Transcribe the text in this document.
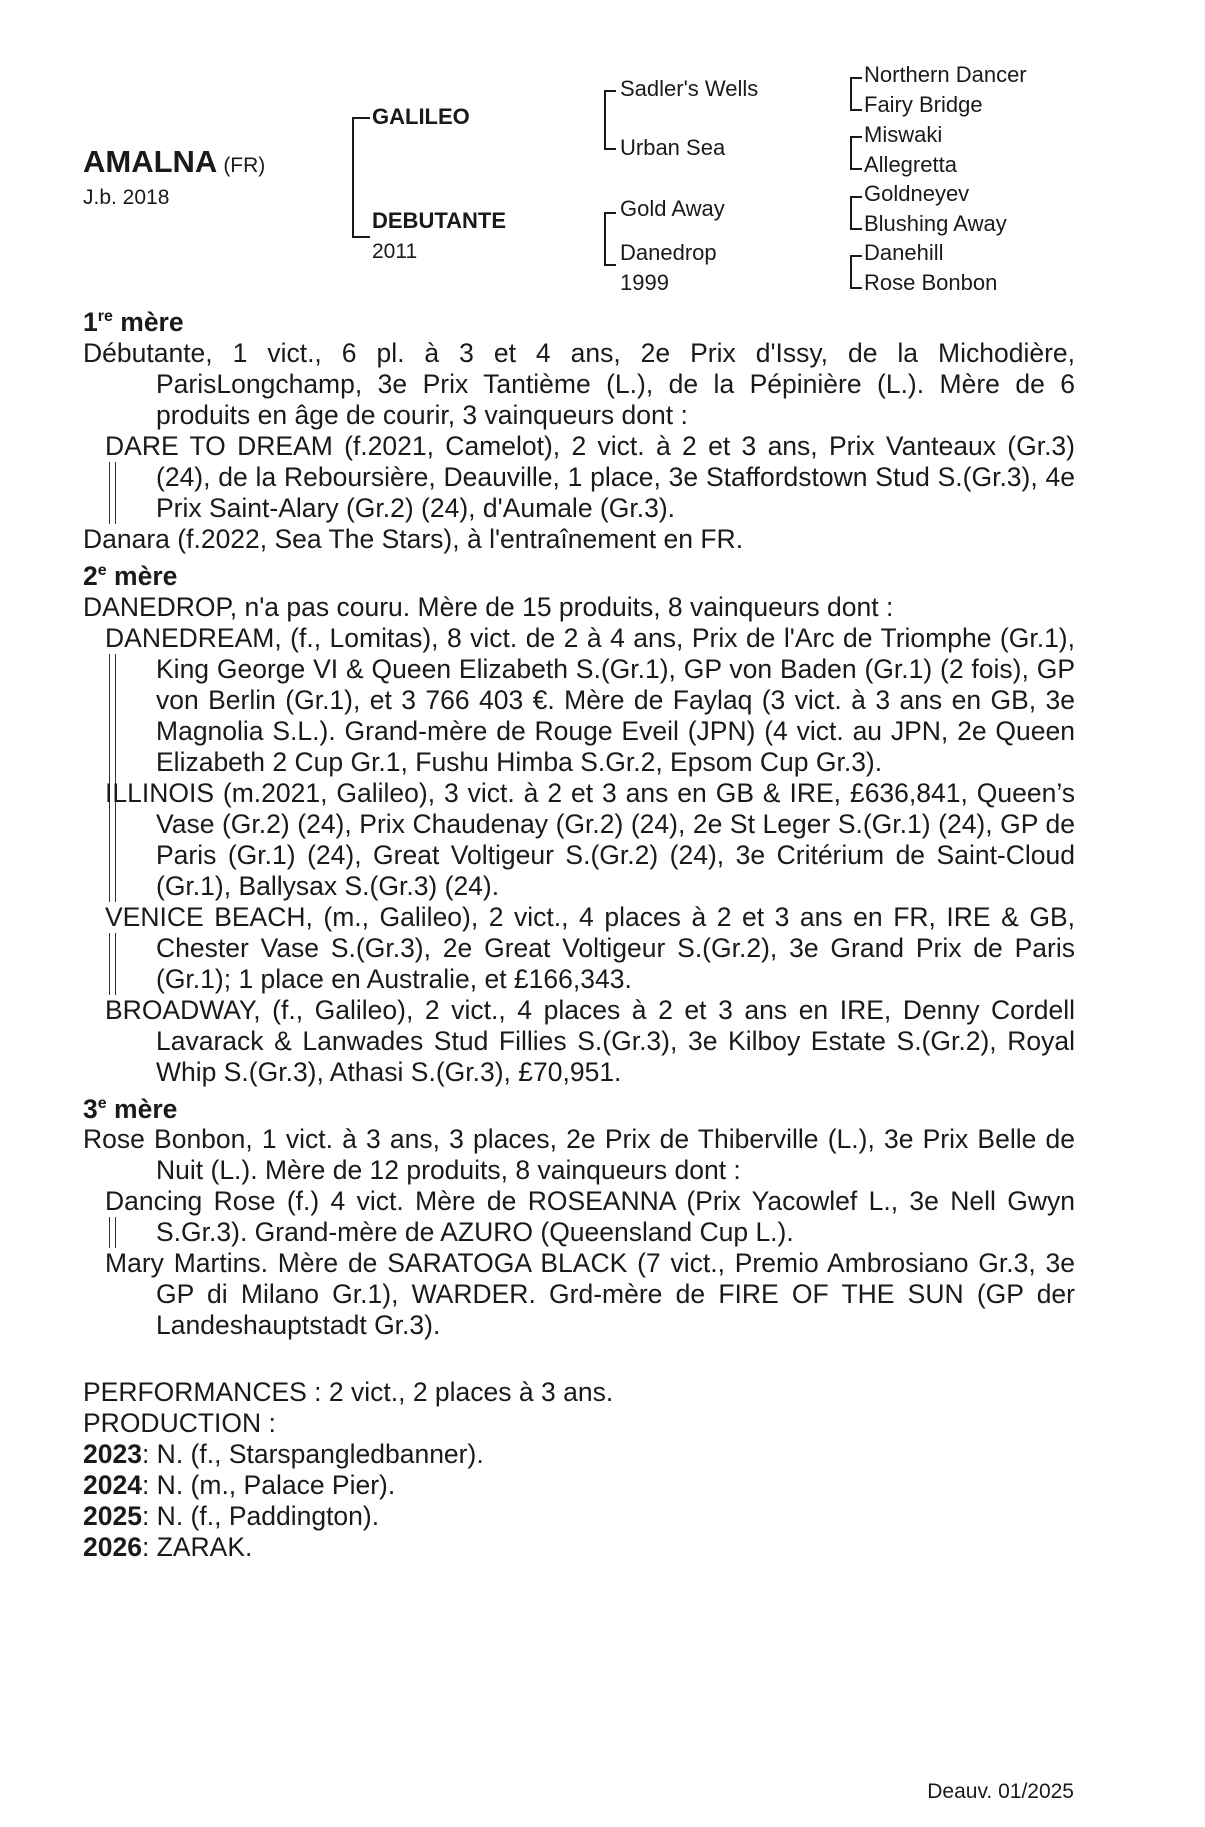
AMALNA (FR)
J.b. 2018
GALILEO
DEBUTANTE
2011
Sadler's Wells
Urban Sea
Gold Away
Danedrop
1999
Northern Dancer
Fairy Bridge
Miswaki
Allegretta
Goldneyev
Blushing Away
Danehill
Rose Bonbon
1re mère
Débutante, 1 vict., 6 pl. à 3 et 4 ans, 2e Prix d'Issy, de la Michodière, ParisLongchamp, 3e Prix Tantième (L.), de la Pépinière (L.). Mère de 6 produits en âge de courir, 3 vainqueurs dont :
DARE TO DREAM (f.2021, Camelot), 2 vict. à 2 et 3 ans, Prix Vanteaux (Gr.3) (24), de la Reboursière, Deauville, 1 place, 3e Staffordstown Stud S.(Gr.3), 4e Prix Saint-Alary (Gr.2) (24), d'Aumale (Gr.3).
Danara (f.2022, Sea The Stars), à l'entraînement en FR.
2e mère
DANEDROP, n'a pas couru. Mère de 15 produits, 8 vainqueurs dont :
DANEDREAM, (f., Lomitas), 8 vict. de 2 à 4 ans, Prix de l'Arc de Triomphe (Gr.1), King George VI & Queen Elizabeth S.(Gr.1), GP von Baden (Gr.1) (2 fois), GP von Berlin (Gr.1), et 3 766 403 €. Mère de Faylaq (3 vict. à 3 ans en GB, 3e Magnolia S.L.). Grand-mère de Rouge Eveil (JPN) (4 vict. au JPN, 2e Queen Elizabeth 2 Cup Gr.1, Fushu Himba S.Gr.2, Epsom Cup Gr.3).
ILLINOIS (m.2021, Galileo), 3 vict. à 2 et 3 ans en GB & IRE, £636,841, Queen’s Vase (Gr.2) (24), Prix Chaudenay (Gr.2) (24), 2e St Leger S.(Gr.1) (24), GP de Paris (Gr.1) (24), Great Voltigeur S.(Gr.2) (24), 3e Critérium de Saint-Cloud (Gr.1), Ballysax S.(Gr.3) (24).
VENICE BEACH, (m., Galileo), 2 vict., 4 places à 2 et 3 ans en FR, IRE & GB, Chester Vase S.(Gr.3), 2e Great Voltigeur S.(Gr.2), 3e Grand Prix de Paris (Gr.1); 1 place en Australie, et £166,343.
BROADWAY, (f., Galileo), 2 vict., 4 places à 2 et 3 ans en IRE, Denny Cordell Lavarack & Lanwades Stud Fillies S.(Gr.3), 3e Kilboy Estate S.(Gr.2), Royal Whip S.(Gr.3), Athasi S.(Gr.3), £70,951.
3e mère
Rose Bonbon, 1 vict. à 3 ans, 3 places, 2e Prix de Thiberville (L.), 3e Prix Belle de Nuit (L.). Mère de 12 produits, 8 vainqueurs dont :
Dancing Rose (f.) 4 vict. Mère de ROSEANNA (Prix Yacowlef L., 3e Nell Gwyn S.Gr.3). Grand-mère de AZURO (Queensland Cup L.).
Mary Martins. Mère de SARATOGA BLACK (7 vict., Premio Ambrosiano Gr.3, 3e GP di Milano Gr.1), WARDER. Grd-mère de FIRE OF THE SUN (GP der Landeshauptstadt Gr.3).
PERFORMANCES : 2 vict., 2 places à 3 ans.
PRODUCTION :
2023: N. (f., Starspangledbanner).
2024: N. (m., Palace Pier).
2025: N. (f., Paddington).
2026: ZARAK.
Deauv. 01/2025
